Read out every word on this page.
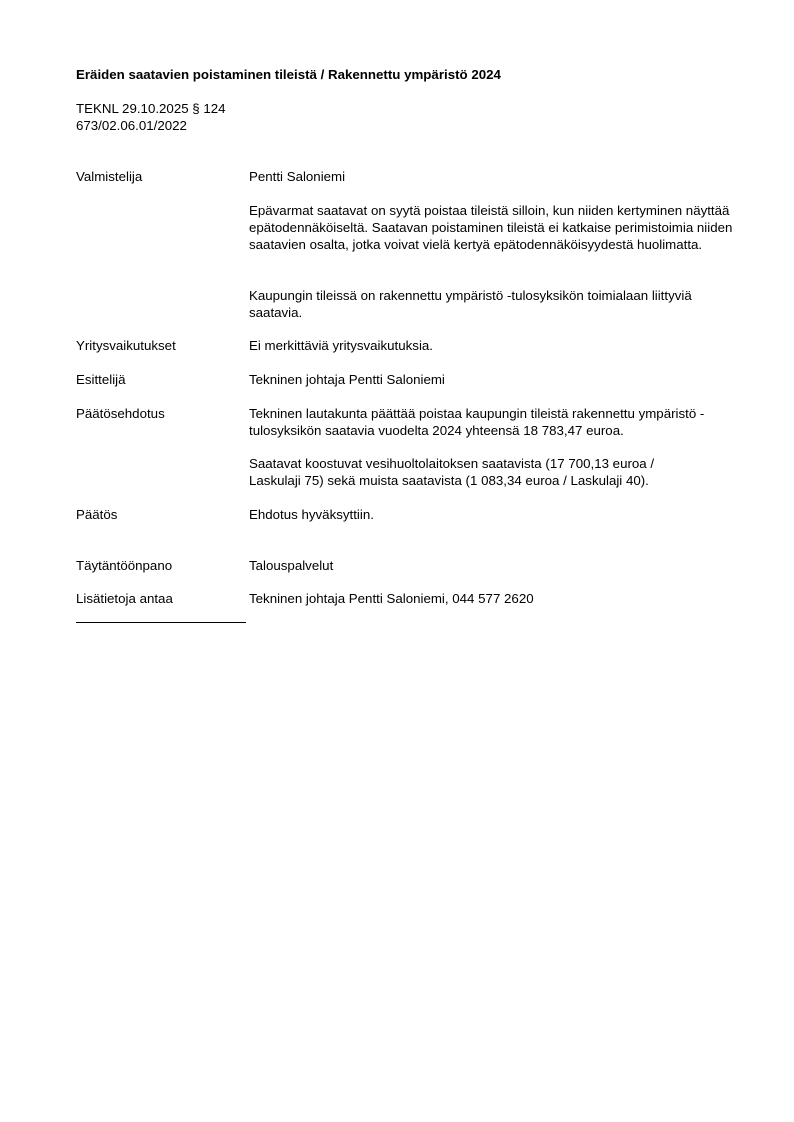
Eräiden saatavien poistaminen tileistä / Rakennettu ympäristö 2024
TEKNL 29.10.2025 § 124
673/02.06.01/2022
Valmistelija	Pentti Saloniemi

Epävarmat saatavat on syytä poistaa tileistä silloin, kun niiden kertyminen näyttää epätodennäköiseltä. Saatavan poistaminen tileistä ei katkaise perimistoimia niiden saatavien osalta, jotka voivat vielä kertyä epätodennäköisyydestä huolimatta.

Kaupungin tileissä on rakennettu ympäristö -tulosyksikön toimialaan liittyviä saatavia.

Yritysvaikutukset	Ei merkittäviä yritysvaikutuksia.

Esittelijä	Tekninen johtaja Pentti Saloniemi

Päätösehdotus	Tekninen lautakunta päättää poistaa kaupungin tileistä rakennettu ympäristö -tulosyksikön saatavia vuodelta 2024 yhteensä 18 783,47 euroa.

Saatavat koostuvat vesihuoltolaitoksen saatavista (17 700,13 euroa / Laskulaji 75) sekä muista saatavista (1 083,34 euroa / Laskulaji 40).

Päätös	Ehdotus hyväksyttiin.

Täytäntöönpano	Talouspalvelut

Lisätietoja antaa	Tekninen johtaja Pentti Saloniemi, 044 577 2620
